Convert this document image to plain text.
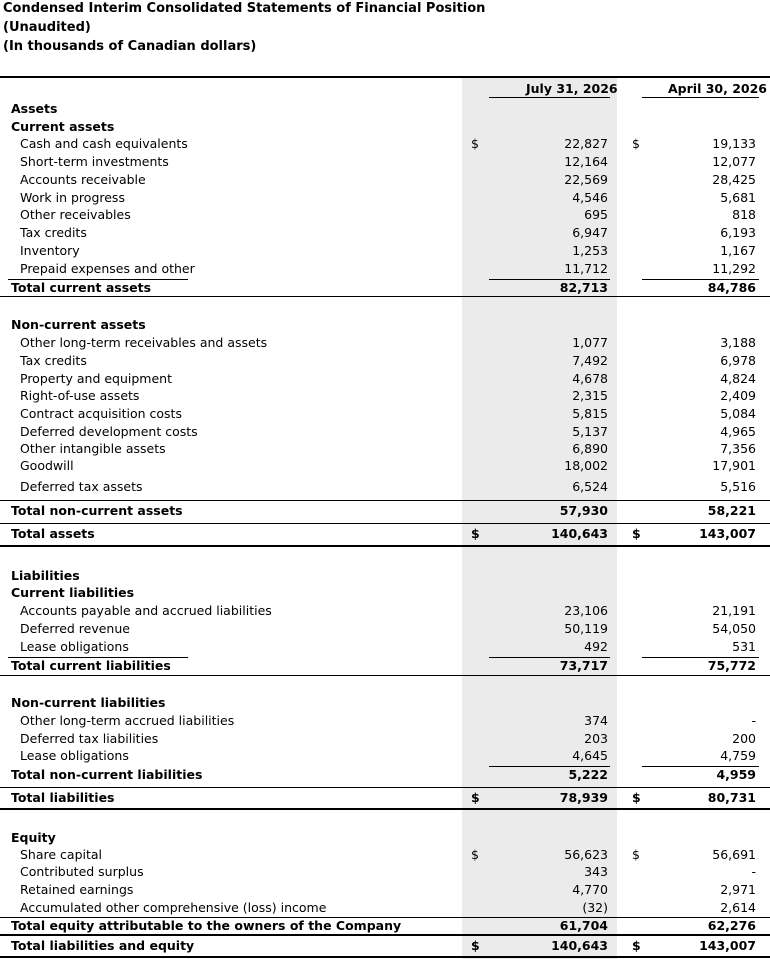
Condensed Interim Consolidated Statements of Financial Position
(Unaudited)
(In thousands of Canadian dollars)
July 31, 2026	April 30, 2026
Assets
Current assets
Cash and cash equivalents	$	22,827 $	19,133
Short-term investments	12,164	12,077
Accounts receivable	22,569	28,425
Work in progress	4,546	5,681
Other receivables	695	818
Tax credits	6,947	6,193
Inventory	1,253	1,167
Prepaid expenses and other	11,712	11,292
Total current assets	82,713	84,786
Non-current assets
Other long-term receivables and assets	1,077	3,188
Tax credits	7,492	6,978
Property and equipment	4,678	4,824
Right-of-use assets	2,315	2,409
Contract acquisition costs	5,815	5,084
Deferred development costs	5,137	4,965
Other intangible assets	6,890	7,356
Goodwill	18,002	17,901
Deferred tax assets	6,524	5,516
Total non-current assets	57,930	58,221
Total assets	$	140,643 $	143,007
Liabilities
Current liabilities
Accounts payable and accrued liabilities	23,106	21,191
Deferred revenue	50,119	54,050
Lease obligations	492	531
Total current liabilities	73,717	75,772
Non-current liabilities
Other long-term accrued liabilities	374	-
Deferred tax liabilities	203	200
Lease obligations	4,645	4,759
Total non-current liabilities	5,222	4,959
Total liabilities	$	78,939 $	80,731
Equity
Share capital	$	56,623 $	56,691
Contributed surplus	343	-
Retained earnings	4,770	2,971
Accumulated other comprehensive (loss) income	(32)	2,614
Total equity attributable to the owners of the Company	61,704	62,276
Total liabilities and equity	$	140,643 $	143,007
